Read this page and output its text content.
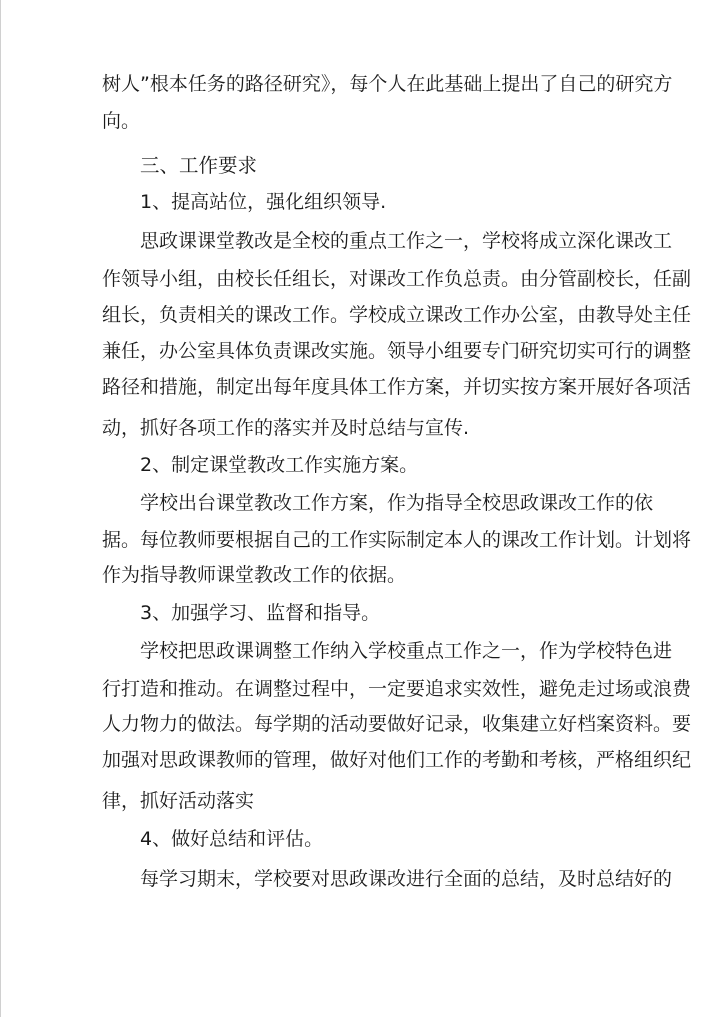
树人”根本任务的路径研究》，每个人在此基础上提出了自己的研究方
向。
三、工作要求
1、提高站位，强化组织领导.
思政课课堂教改是全校的重点工作之一，学校将成立深化课改工
作领导小组，由校长任组长，对课改工作负总责。由分管副校长，任副
组长，负责相关的课改工作。学校成立课改工作办公室，由教导处主任
兼任，办公室具体负责课改实施。领导小组要专门研究切实可行的调整
路径和措施，制定出每年度具体工作方案，并切实按方案开展好各项活
动，抓好各项工作的落实并及时总结与宣传.
2、制定课堂教改工作实施方案。
学校出台课堂教改工作方案，作为指导全校思政课改工作的依
据。每位教师要根据自己的工作实际制定本人的课改工作计划。计划将
作为指导教师课堂教改工作的依据。
3、加强学习、监督和指导。
学校把思政课调整工作纳入学校重点工作之一，作为学校特色进
行打造和推动。在调整过程中，一定要追求实效性，避免走过场或浪费
人力物力的做法。每学期的活动要做好记录，收集建立好档案资料。要
加强对思政课教师的管理，做好对他们工作的考勤和考核，严格组织纪
律，抓好活动落实
4、做好总结和评估。
每学习期末，学校要对思政课改进行全面的总结，及时总结好的
